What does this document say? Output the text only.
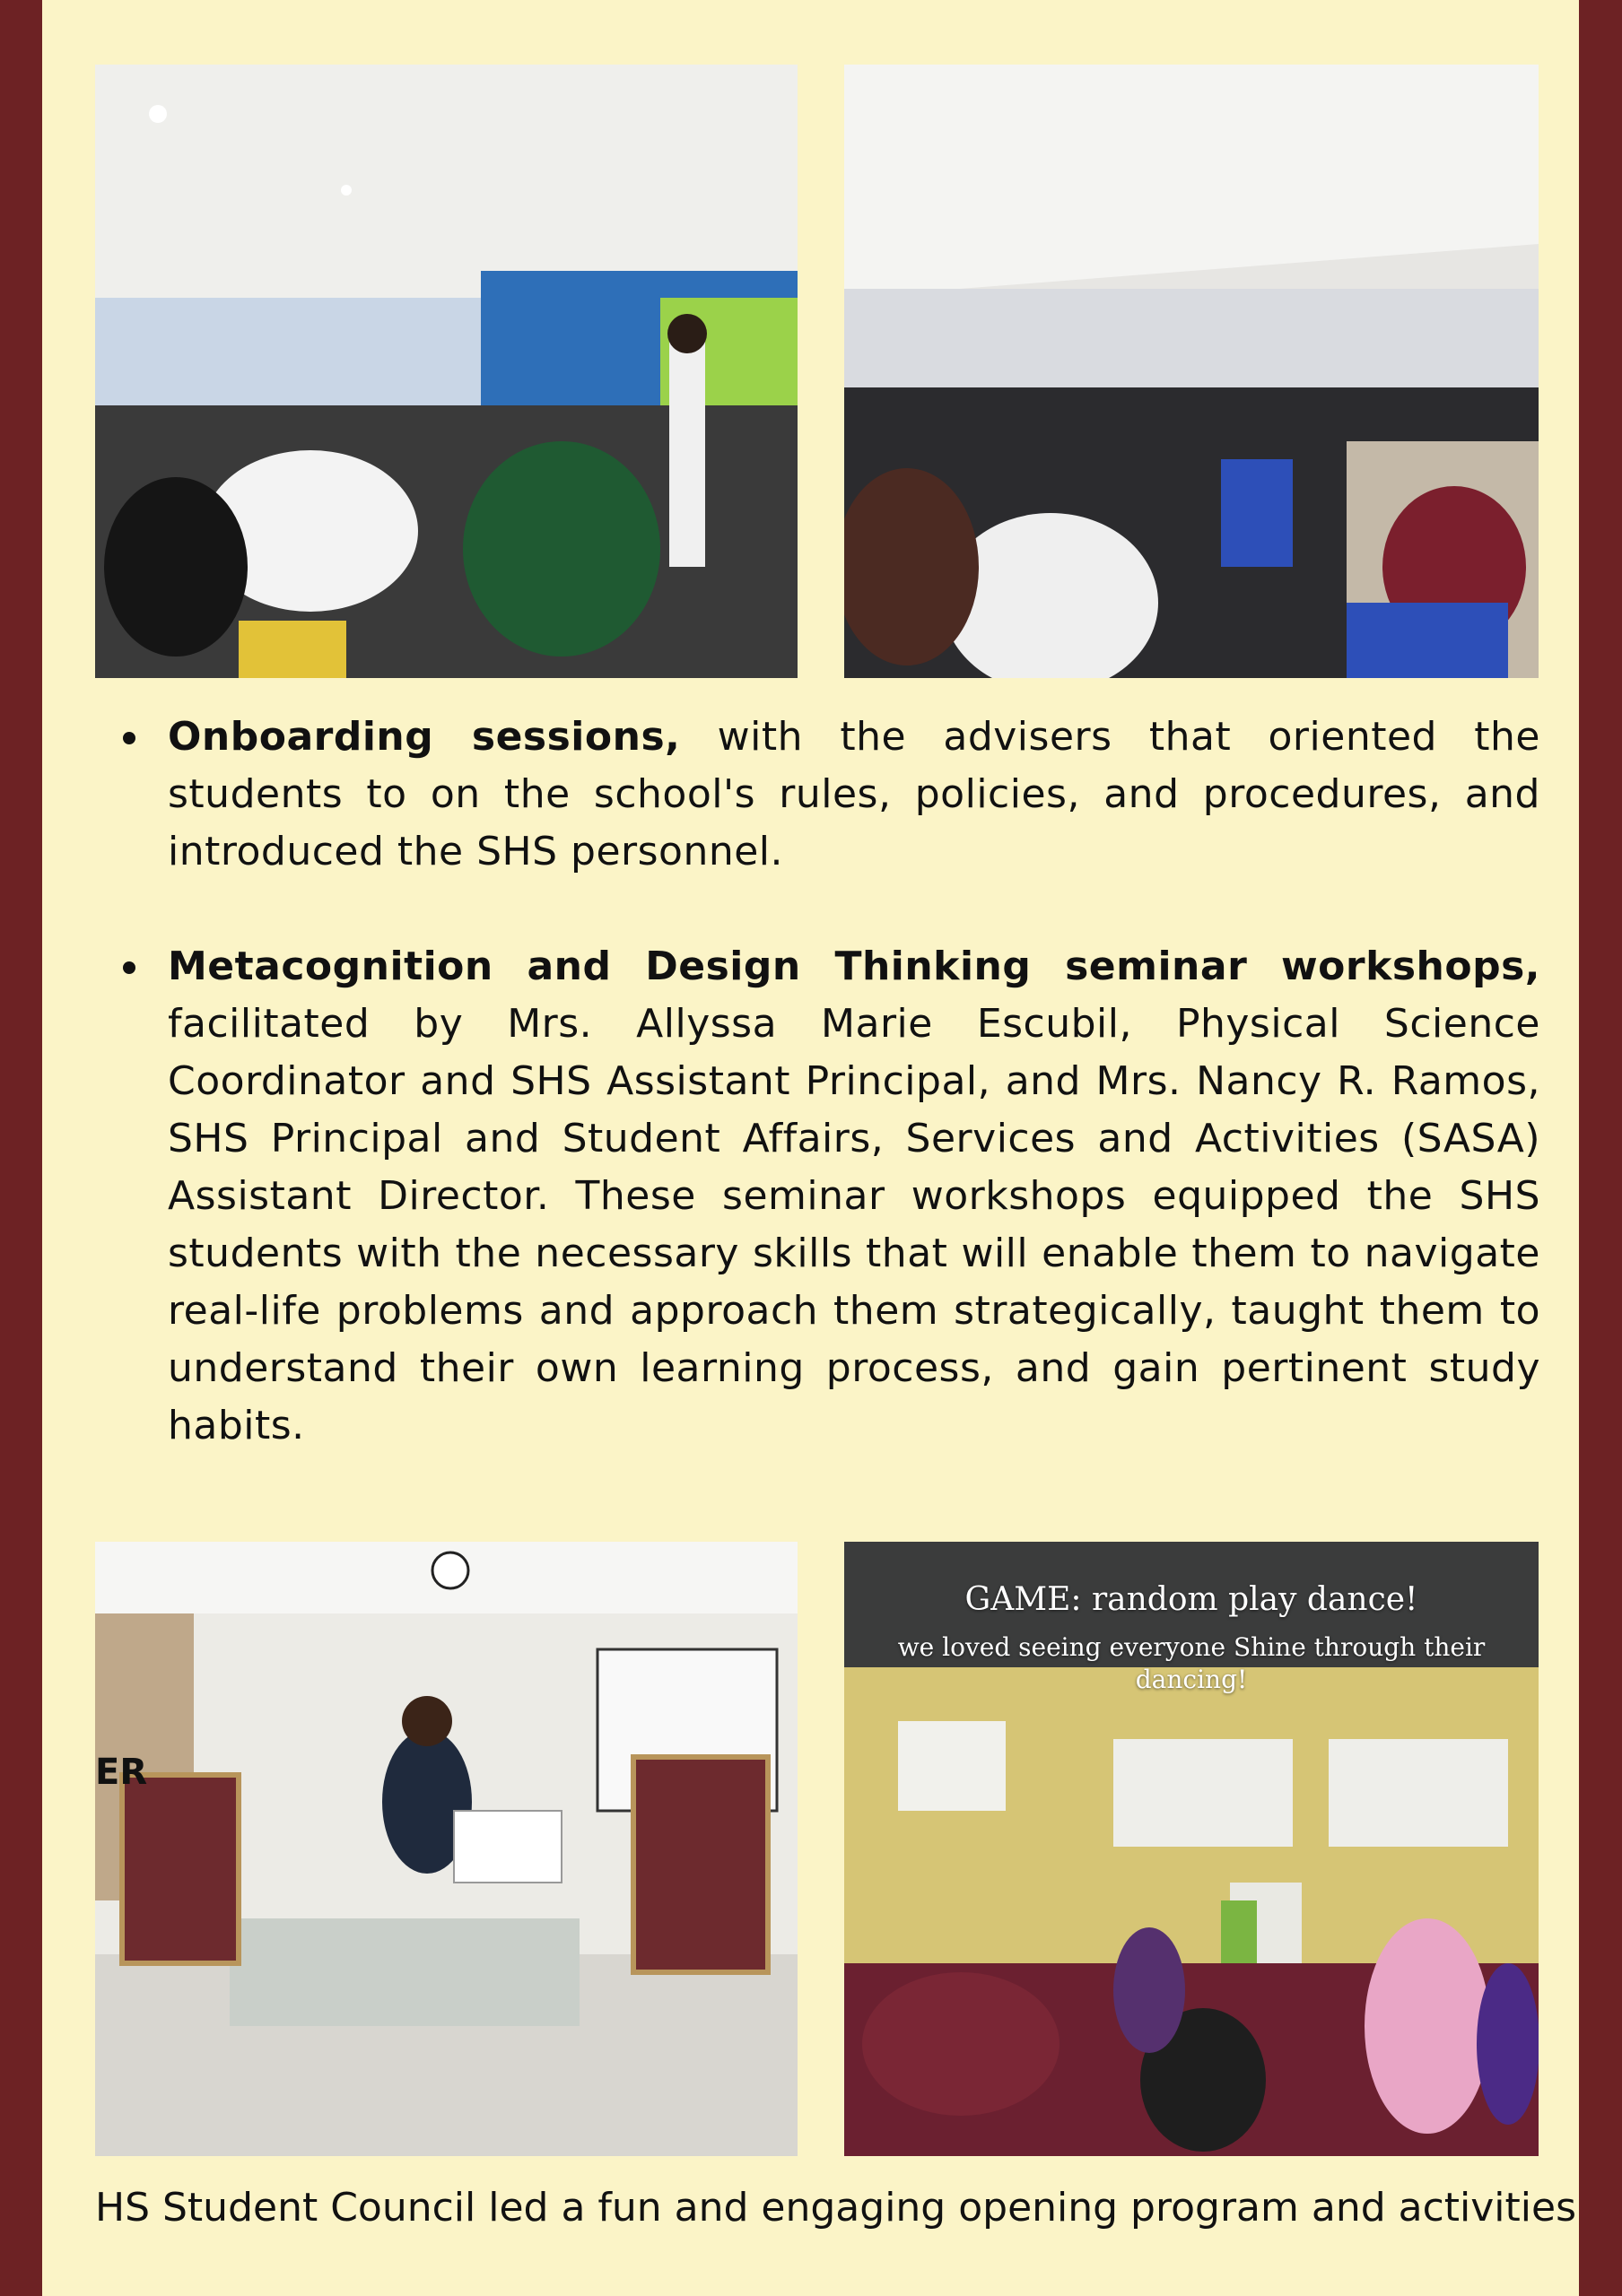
Onboarding sessions, with the advisers that oriented the students to on the school's rules, policies, and procedures, and introduced the SHS personnel.
Metacognition and Design Thinking seminar workshops, facilitated by Mrs. Allyssa Marie Escubil, Physical Science Coordinator and SHS Assistant Principal, and Mrs. Nancy R. Ramos, SHS Principal and Student Affairs, Services and Activities (SASA) Assistant Director. These seminar workshops equipped the SHS students with the necessary skills that will enable them to navigate real-life problems and approach them strategically, taught them to understand their own learning process, and gain pertinent study habits.
ER
GAME: random play dance!
we loved seeing everyone Shine through their
dancing!
HS Student Council led a fun and engaging opening program and activities
